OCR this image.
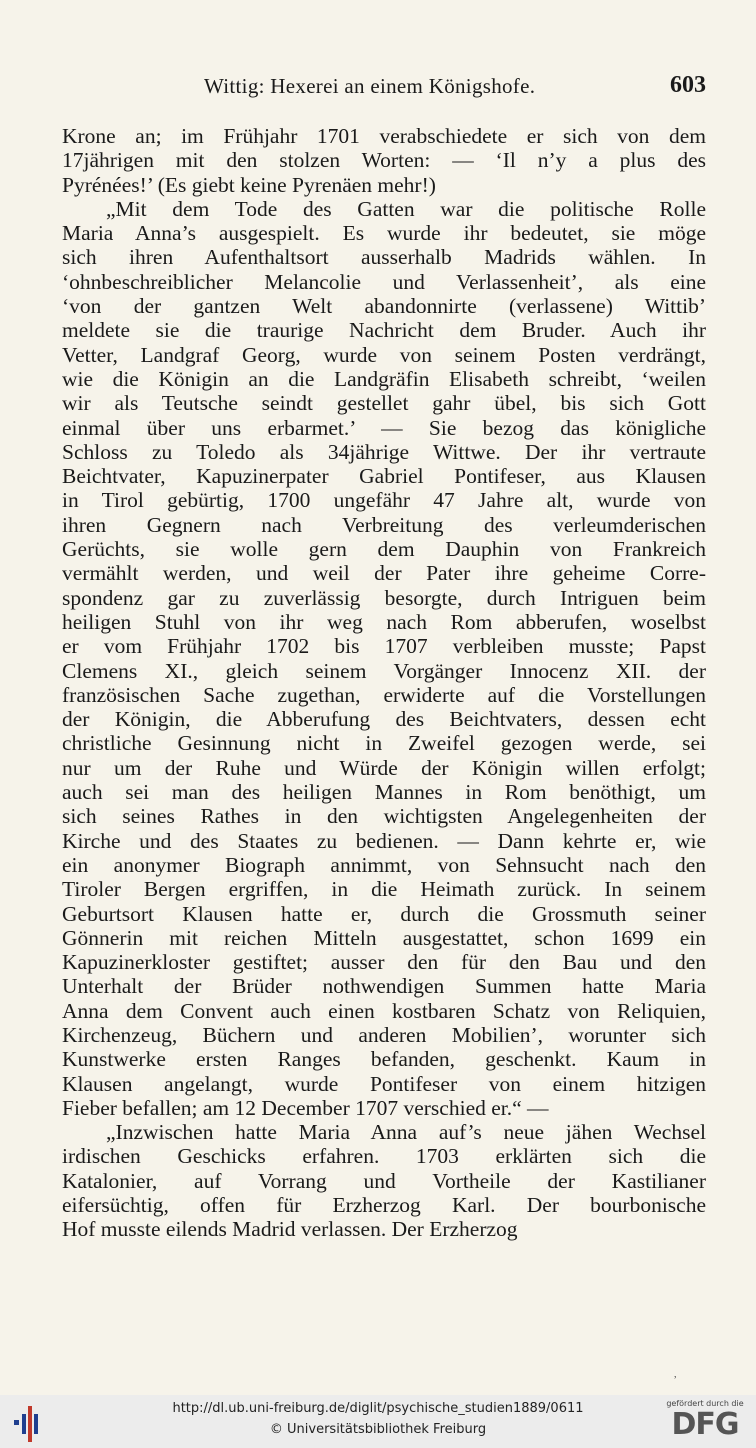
Wittig: Hexerei an einem Königshofe.	603
Krone an; im Frühjahr 1701 verabschiedete er sich von dem
17jährigen mit den stolzen Worten: — ‘Il n’y a plus des
Pyrénées!’ (Es giebt keine Pyrenäen mehr!)
„Mit dem Tode des Gatten war die politische Rolle
Maria Anna’s ausgespielt. Es wurde ihr bedeutet, sie möge
sich ihren Aufenthaltsort ausserhalb Madrids wählen. In
‘ohnbeschreiblicher Melancolie und Verlassenheit’, als eine
‘von der gantzen Welt abandonnirte (verlassene) Wittib’
meldete sie die traurige Nachricht dem Bruder. Auch ihr
Vetter, Landgraf Georg, wurde von seinem Posten verdrängt,
wie die Königin an die Landgräfin Elisabeth schreibt, ‘weilen
wir als Teutsche seindt gestellet gahr übel, bis sich Gott
einmal über uns erbarmet.’ — Sie bezog das königliche
Schloss zu Toledo als 34jährige Wittwe. Der ihr vertraute
Beichtvater, Kapuzinerpater Gabriel Pontifeser, aus Klausen
in Tirol gebürtig, 1700 ungefähr 47 Jahre alt, wurde von
ihren Gegnern nach Verbreitung des verleumderischen
Gerüchts, sie wolle gern dem Dauphin von Frankreich
vermählt werden, und weil der Pater ihre geheime Corre-
spondenz gar zu zuverlässig besorgte, durch Intriguen beim
heiligen Stuhl von ihr weg nach Rom abberufen, woselbst
er vom Frühjahr 1702 bis 1707 verbleiben musste; Papst
Clemens XI., gleich seinem Vorgänger Innocenz XII. der
französischen Sache zugethan, erwiderte auf die Vorstellungen
der Königin, die Abberufung des Beichtvaters, dessen echt
christliche Gesinnung nicht in Zweifel gezogen werde, sei
nur um der Ruhe und Würde der Königin willen erfolgt;
auch sei man des heiligen Mannes in Rom benöthigt, um
sich seines Rathes in den wichtigsten Angelegenheiten der
Kirche und des Staates zu bedienen. — Dann kehrte er, wie
ein anonymer Biograph annimmt, von Sehnsucht nach den
Tiroler Bergen ergriffen, in die Heimath zurück. In seinem
Geburtsort Klausen hatte er, durch die Grossmuth seiner
Gönnerin mit reichen Mitteln ausgestattet, schon 1699 ein
Kapuzinerkloster gestiftet; ausser den für den Bau und den
Unterhalt der Brüder nothwendigen Summen hatte Maria
Anna dem Convent auch einen kostbaren Schatz von Reliquien,
Kirchenzeug, Büchern und anderen Mobilien’, worunter sich
Kunstwerke ersten Ranges befanden, geschenkt. Kaum in
Klausen angelangt, wurde Pontifeser von einem hitzigen
Fieber befallen; am 12 December 1707 verschied er.“ —
„Inzwischen hatte Maria Anna auf’s neue jähen Wechsel
irdischen Geschicks erfahren. 1703 erklärten sich die
Katalonier, auf Vorrang und Vortheile der Kastilianer
eifersüchtig, offen für Erzherzog Karl. Der bourbonische
Hof musste eilends Madrid verlassen. Der Erzherzog
,
http://dl.ub.uni-freiburg.de/diglit/psychische_studien1889/0611
© Universitätsbibliothek Freiburg
gefördert durch die
DFG
